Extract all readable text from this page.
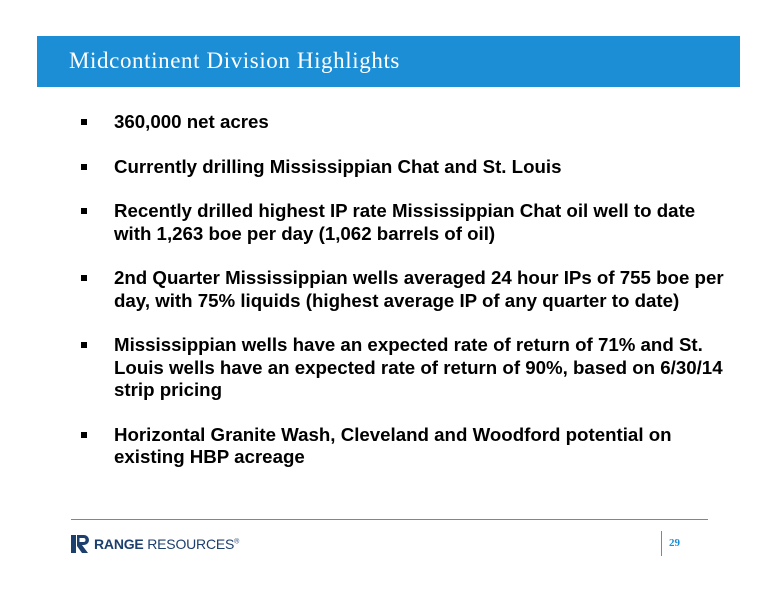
Midcontinent Division Highlights
360,000 net acres
Currently drilling Mississippian Chat and St. Louis
Recently drilled highest IP rate Mississippian Chat oil well to date with 1,263 boe per day (1,062 barrels of oil)
2nd Quarter Mississippian wells averaged 24 hour IPs of 755 boe per day, with 75% liquids (highest average IP of any quarter to date)
Mississippian wells have an expected rate of return of 71% and St. Louis wells have an expected rate of return of 90%, based on 6/30/14 strip pricing
Horizontal Granite Wash, Cleveland and Woodford potential on existing HBP acreage
RANGE RESOURCES®	29
